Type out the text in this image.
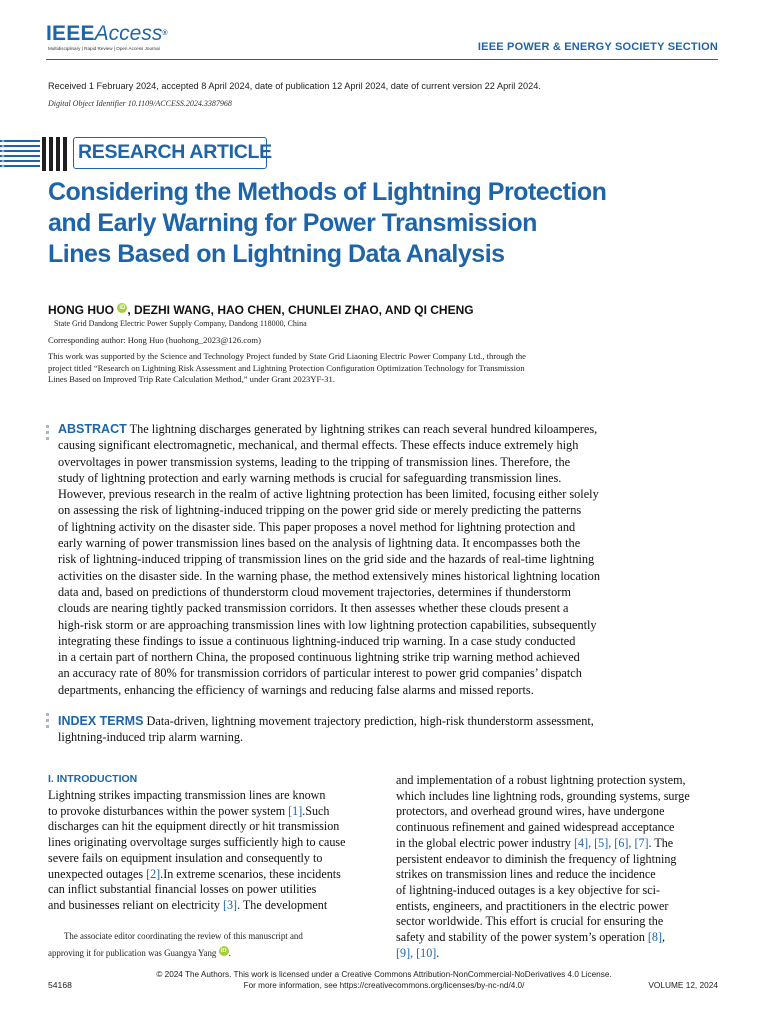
IEEEAccess®
Multidisciplinary | Rapid Review | Open Access Journal	IEEE POWER & ENERGY SOCIETY SECTION
Received 1 February 2024, accepted 8 April 2024, date of publication 12 April 2024, date of current version 22 April 2024.
Digital Object Identifier 10.1109/ACCESS.2024.3387968
RESEARCH ARTICLE
Considering the Methods of Lightning Protection
and Early Warning for Power Transmission
Lines Based on Lightning Data Analysis
HONG HUO iD , DEZHI WANG, HAO CHEN, CHUNLEI ZHAO, AND QI CHENG
State Grid Dandong Electric Power Supply Company, Dandong 118000, China
Corresponding author: Hong Huo (huohong_2023@126.com)
This work was supported by the Science and Technology Project funded by State Grid Liaoning Electric Power Company Ltd., through the
project titled “Research on Lightning Risk Assessment and Lightning Protection Configuration Optimization Technology for Transmission
Lines Based on Improved Trip Rate Calculation Method,” under Grant 2023YF-31.
ABSTRACT The lightning discharges generated by lightning strikes can reach several hundred kiloamperes,
causing significant electromagnetic, mechanical, and thermal effects. These effects induce extremely high
overvoltages in power transmission systems, leading to the tripping of transmission lines. Therefore, the
study of lightning protection and early warning methods is crucial for safeguarding transmission lines.
However, previous research in the realm of active lightning protection has been limited, focusing either solely
on assessing the risk of lightning-induced tripping on the power grid side or merely predicting the patterns
of lightning activity on the disaster side. This paper proposes a novel method for lightning protection and
early warning of power transmission lines based on the analysis of lightning data. It encompasses both the
risk of lightning-induced tripping of transmission lines on the grid side and the hazards of real-time lightning
activities on the disaster side. In the warning phase, the method extensively mines historical lightning location
data and, based on predictions of thunderstorm cloud movement trajectories, determines if thunderstorm
clouds are nearing tightly packed transmission corridors. It then assesses whether these clouds present a
high-risk storm or are approaching transmission lines with low lightning protection capabilities, subsequently
integrating these findings to issue a continuous lightning-induced trip warning. In a case study conducted
in a certain part of northern China, the proposed continuous lightning strike trip warning method achieved
an accuracy rate of 80% for transmission corridors of particular interest to power grid companies’ dispatch
departments, enhancing the efficiency of warnings and reducing false alarms and missed reports.
INDEX TERMS Data-driven, lightning movement trajectory prediction, high-risk thunderstorm assessment,
lightning-induced trip alarm warning.
I. INTRODUCTION
Lightning strikes impacting transmission lines are known
to provoke disturbances within the power system [1].Such
discharges can hit the equipment directly or hit transmission
lines originating overvoltage surges sufficiently high to cause
severe fails on equipment insulation and consequently to
unexpected outages [2].In extreme scenarios, these incidents
can inflict substantial financial losses on power utilities
and businesses reliant on electricity [3]. The development
The associate editor coordinating the review of this manuscript and
approving it for publication was Guangya Yang iD .
and implementation of a robust lightning protection system,
which includes line lightning rods, grounding systems, surge
protectors, and overhead ground wires, have undergone
continuous refinement and gained widespread acceptance
in the global electric power industry [4], [5], [6], [7]. The
persistent endeavor to diminish the frequency of lightning
strikes on transmission lines and reduce the incidence
of lightning-induced outages is a key objective for sci-
entists, engineers, and practitioners in the electric power
sector worldwide. This effort is crucial for ensuring the
safety and stability of the power system’s operation [8],
[9], [10].
© 2024 The Authors. This work is licensed under a Creative Commons Attribution-NonCommercial-NoDerivatives 4.0 License.
For more information, see https://creativecommons.org/licenses/by-nc-nd/4.0/
54168	VOLUME 12, 2024
